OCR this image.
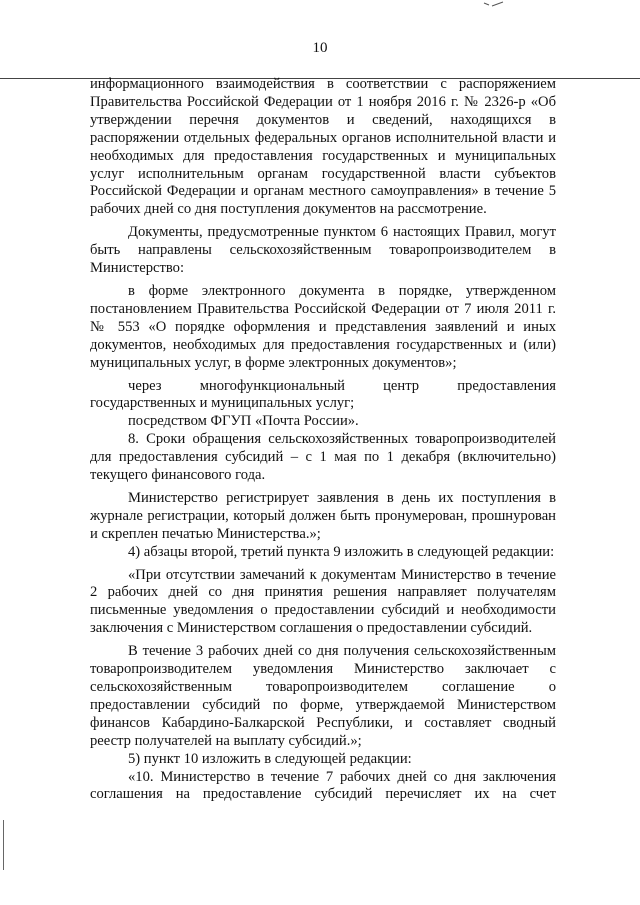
10

информационного взаимодействия в соответствии с распоряжением Правительства Российской Федерации от 1 ноября 2016 г. № 2326-р «Об утверждении перечня документов и сведений, находящихся в распоряжении отдельных федеральных органов исполнительной власти и необходимых для предоставления государственных и муниципальных услуг исполнительным органам государственной власти субъектов Российской Федерации и органам местного самоуправления» в течение 5 рабочих дней со дня поступления документов на рассмотрение.

Документы, предусмотренные пунктом 6 настоящих Правил, могут быть направлены сельскохозяйственным товаропроизводителем в Министерство:

в форме электронного документа в порядке, утвержденном постановлением Правительства Российской Федерации от 7 июля 2011 г. № 553 «О порядке оформления и представления заявлений и иных документов, необходимых для предоставления государственных и (или) муниципальных услуг, в форме электронных документов»;

через многофункциональный центр предоставления государственных и муниципальных услуг;

посредством ФГУП «Почта России».

8. Сроки обращения сельскохозяйственных товаропроизводителей для предоставления субсидий – с 1 мая по 1 декабря (включительно) текущего финансового года.

Министерство регистрирует заявления в день их поступления в журнале регистрации, который должен быть пронумерован, прошнурован и скреплен печатью Министерства.»;

4) абзацы второй, третий пункта 9 изложить в следующей редакции:

«При отсутствии замечаний к документам Министерство в течение 2 рабочих дней со дня принятия решения направляет получателям письменные уведомления о предоставлении субсидий и необходимости заключения с Министерством соглашения о предоставлении субсидий.

В течение 3 рабочих дней со дня получения сельскохозяйственным товаропроизводителем уведомления Министерство заключает с сельскохозяйственным товаропроизводителем соглашение о предоставлении субсидий по форме, утверждаемой Министерством финансов Кабардино-Балкарской Республики, и составляет сводный реестр получателей на выплату субсидий.»;

5) пункт 10 изложить в следующей редакции:

«10. Министерство в течение 7 рабочих дней со дня заключения соглашения на предоставление субсидий перечисляет их на счет
